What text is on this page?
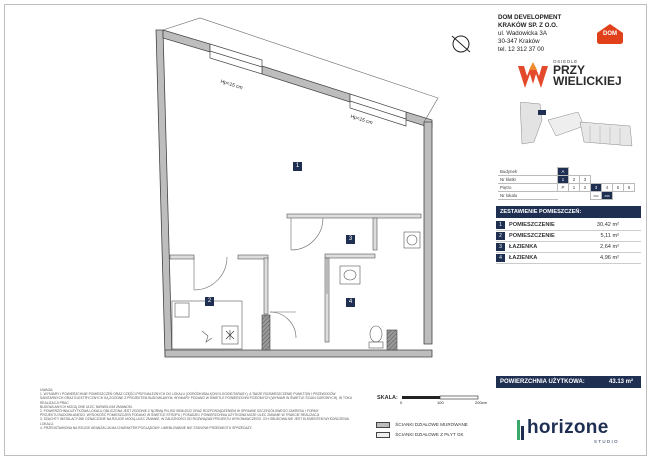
Hp=15 cm
Hp=15 cm
1
2
3
4
DOM DEVELOPMENT
KRAKÓW SP. Z O.O.
ul. Wadowicka 3A
30-347 Kraków
tel. 12 312 37 00
DOM
OSIEDLE
PRZY
WIELICKIEJ
Budynek	A						
Nr klatki	1	2	3				
Piętro	P	1	2	3	4	5	6
Nr lokalu				A52	A56		
ZESTAWIENIE POMIESZCZEŃ:
1	POMIESZCZENIE	30,42 m²
2	POMIESZCZENIE	5,11 m²
3	ŁAZIENKA	2,64 m²
4	ŁAZIENKA	4,96 m²
POWIERZCHNIA UŻYTKOWA:	43.13 m²
UWAGA:
1. WYMIARY I POWIERZCHNIE POMIESZCZEŃ ORAZ CZĘŚCI PRZYNALEŻNYCH DO LOKALU (OGRÓDKI/BALKONY/LOGGIE/TARASY), A TAKŻE ROZMIESZCZENIE PUNKTÓW I PRZEWODÓW
SANITARNYCH ORAZ ELEKTRYCZNYCH SĄ ZGODNE Z PROJEKTEM BUDOWLANYM. WYMIARY PODANO W ŚWIETLE POWIERZCHNI POZIOMYCH (WYMIAR W ŚWIETLE ŚCIAN SUROWYCH). W TOKU REALIZACJI PRAC
BUDOWLANYCH MOGĄ ONE ULEC NIEWIELKIM ZMIANOM.
2. POWIERZCHNIA UŻYTKOWA LOKALU OBLICZONA JEST ZGODNIE Z NORMĄ PN-ISO 9836:2022 ORAZ ROZPORZĄDZENIEM W SPRAWIE SZCZEGÓŁOWEGO ZAKRESU I FORMY
PROJEKTU BUDOWLANEGO. WYSOKOŚĆ POMIESZCZEŃ PODANO W ŚWIETLE STROPU I POSADZKI. POWIERZCHNIA UŻYTKOWA MOŻE ULEC ZMIANIE W TRAKCIE REALIZACJI.
3. SZACHTY INSTALACYJNE OZNACZONE NA RZUCIE MOGĄ ULEC ZMIANIE, W ZALEŻNOŚCI OD ROZWIĄZAŃ PROJEKTU WYKONAWCZEGO. ICH OBUDOWA NIE JEST ELEMENTEM WYKOŃCZENIA LOKALU.
4. PRZEDSTAWIONA NA RZUCIE ARANŻACJA MA CHARAKTER POGLĄDOWY. UMEBLOWANIE NIE STANOWI PRZEDMIOTU SPRZEDAŻY.
SKALA:
0	100	200cm
ŚCIANKI DZIAŁOWE MUROWANE
ŚCIANKI DZIAŁOWE Z PŁYT GK	horizone
STUDIO
